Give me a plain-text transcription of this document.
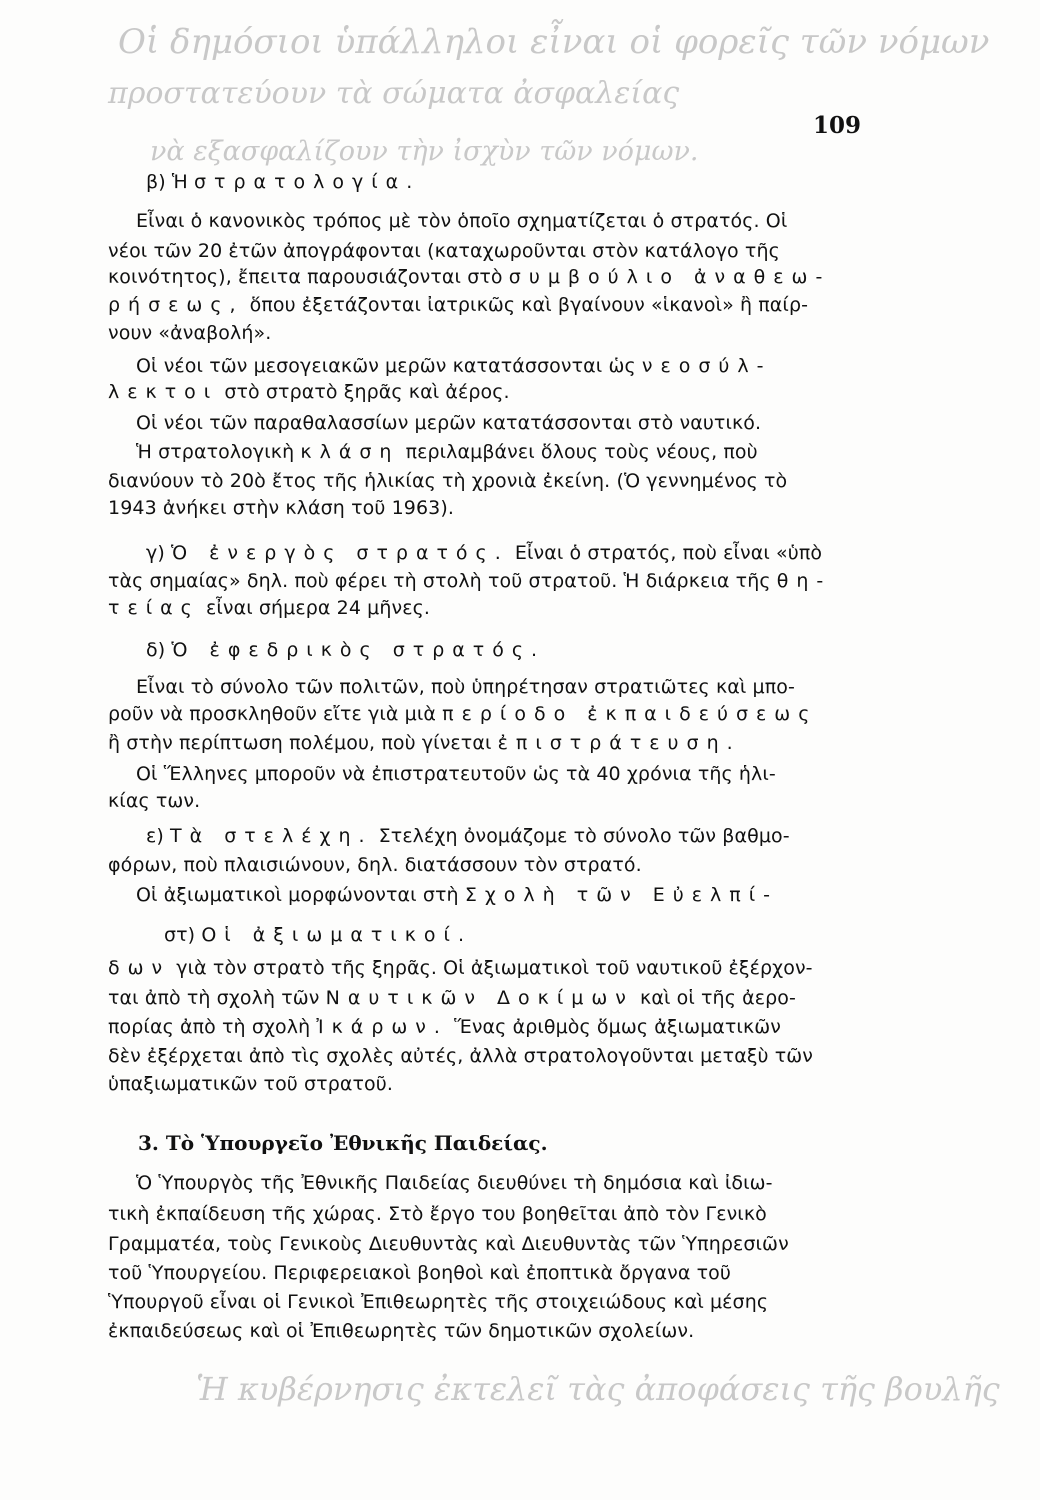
Οἱ δημόσιοι ὑπάλληλοι εἶναι οἱ φορεῖς τῶν νόμων
προστατεύουν τὰ σώματα ἀσφαλείας
νὰ εξασφαλίζουν τὴν ἰσχὺν τῶν νόμων.
109
β) Ἡ στρατολογία.
Εἶναι ὁ κανονικὸς τρόπος μὲ τὸν ὁποῖο σχηματίζεται ὁ στρατός. Οἱ
νέοι τῶν 20 ἐτῶν ἀπογράφονται (καταχωροῦνται στὸν κατάλογο τῆς
κοινότητος), ἔπειτα παρουσιάζονται στὸ συμβούλιο ἀναθεω-
ρήσεως, ὅπου ἐξετάζονται ἰατρικῶς καὶ βγαίνουν «ἱκανοὶ» ἢ παίρ-
νουν «ἀναβολή».
Οἱ νέοι τῶν μεσογειακῶν μερῶν κατατάσσονται ὡς νεοσύλ-
λεκτοι στὸ στρατὸ ξηρᾶς καὶ ἀέρος.
Οἱ νέοι τῶν παραθαλασσίων μερῶν κατατάσσονται στὸ ναυτικό.
Ἡ στρατολογικὴ κλάση περιλαμβάνει ὅλους τοὺς νέους, ποὺ
διανύουν τὸ 20ὸ ἔτος τῆς ἡλικίας τὴ χρονιὰ ἐκείνη. (Ὁ γεννημένος τὸ
1943 ἀνήκει στὴν κλάση τοῦ 1963).
γ) Ὁ ἐνεργὸς στρατός. Εἶναι ὁ στρατός, ποὺ εἶναι «ὑπὸ
τὰς σημαίας» δηλ. ποὺ φέρει τὴ στολὴ τοῦ στρατοῦ. Ἡ διάρκεια τῆς θη-
τείας εἶναι σήμερα 24 μῆνες.
δ) Ὁ ἐφεδρικὸς στρατός.
Εἶναι τὸ σύνολο τῶν πολιτῶν, ποὺ ὑπηρέτησαν στρατιῶτες καὶ μπο-
ροῦν νὰ προσκληθοῦν εἴτε γιὰ μιὰ περίοδο ἐκπαιδεύσεως
ἢ στὴν περίπτωση πολέμου, ποὺ γίνεται ἐπιστράτευση.
Οἱ Ἕλληνες μποροῦν νὰ ἐπιστρατευτοῦν ὡς τὰ 40 χρόνια τῆς ἡλι-
κίας των.
ε) Τὰ στελέχη. Στελέχη ὀνομάζομε τὸ σύνολο τῶν βαθμο-
φόρων, ποὺ πλαισιώνουν, δηλ. διατάσσουν τὸν στρατό.
Οἱ ἀξιωματικοὶ μορφώνονται στὴ Σχολὴ τῶν Εὐελπί-
στ) Οἱ ἀξιωματικοί.
δων γιὰ τὸν στρατὸ τῆς ξηρᾶς. Οἱ ἀξιωματικοὶ τοῦ ναυτικοῦ ἐξέρχον-
ται ἀπὸ τὴ σχολὴ τῶν Ναυτικῶν Δοκίμων καὶ οἱ τῆς ἀερο-
πορίας ἀπὸ τὴ σχολὴ Ἰκάρων. Ἕνας ἀριθμὸς ὅμως ἀξιωματικῶν
δὲν ἐξέρχεται ἀπὸ τὶς σχολὲς αὐτές, ἀλλὰ στρατολογοῦνται μεταξὺ τῶν
ὑπαξιωματικῶν τοῦ στρατοῦ.
3. Τὸ Ὑπουργεῖο Ἐθνικῆς Παιδείας.
Ὁ Ὑπουργὸς τῆς Ἐθνικῆς Παιδείας διευθύνει τὴ δημόσια καὶ ἰδιω-
τικὴ ἐκπαίδευση τῆς χώρας. Στὸ ἔργο του βοηθεῖται ἀπὸ τὸν Γενικὸ
Γραμματέα, τοὺς Γενικοὺς Διευθυντὰς καὶ Διευθυντὰς τῶν Ὑπηρεσιῶν
τοῦ Ὑπουργείου. Περιφερειακοὶ βοηθοὶ καὶ ἐποπτικὰ ὄργανα τοῦ
Ὑπουργοῦ εἶναι οἱ Γενικοὶ Ἐπιθεωρητὲς τῆς στοιχειώδους καὶ μέσης
ἐκπαιδεύσεως καὶ οἱ Ἐπιθεωρητὲς τῶν δημοτικῶν σχολείων.
Ἡ κυβέρνησις ἐκτελεῖ τὰς ἀποφάσεις τῆς βουλῆς
